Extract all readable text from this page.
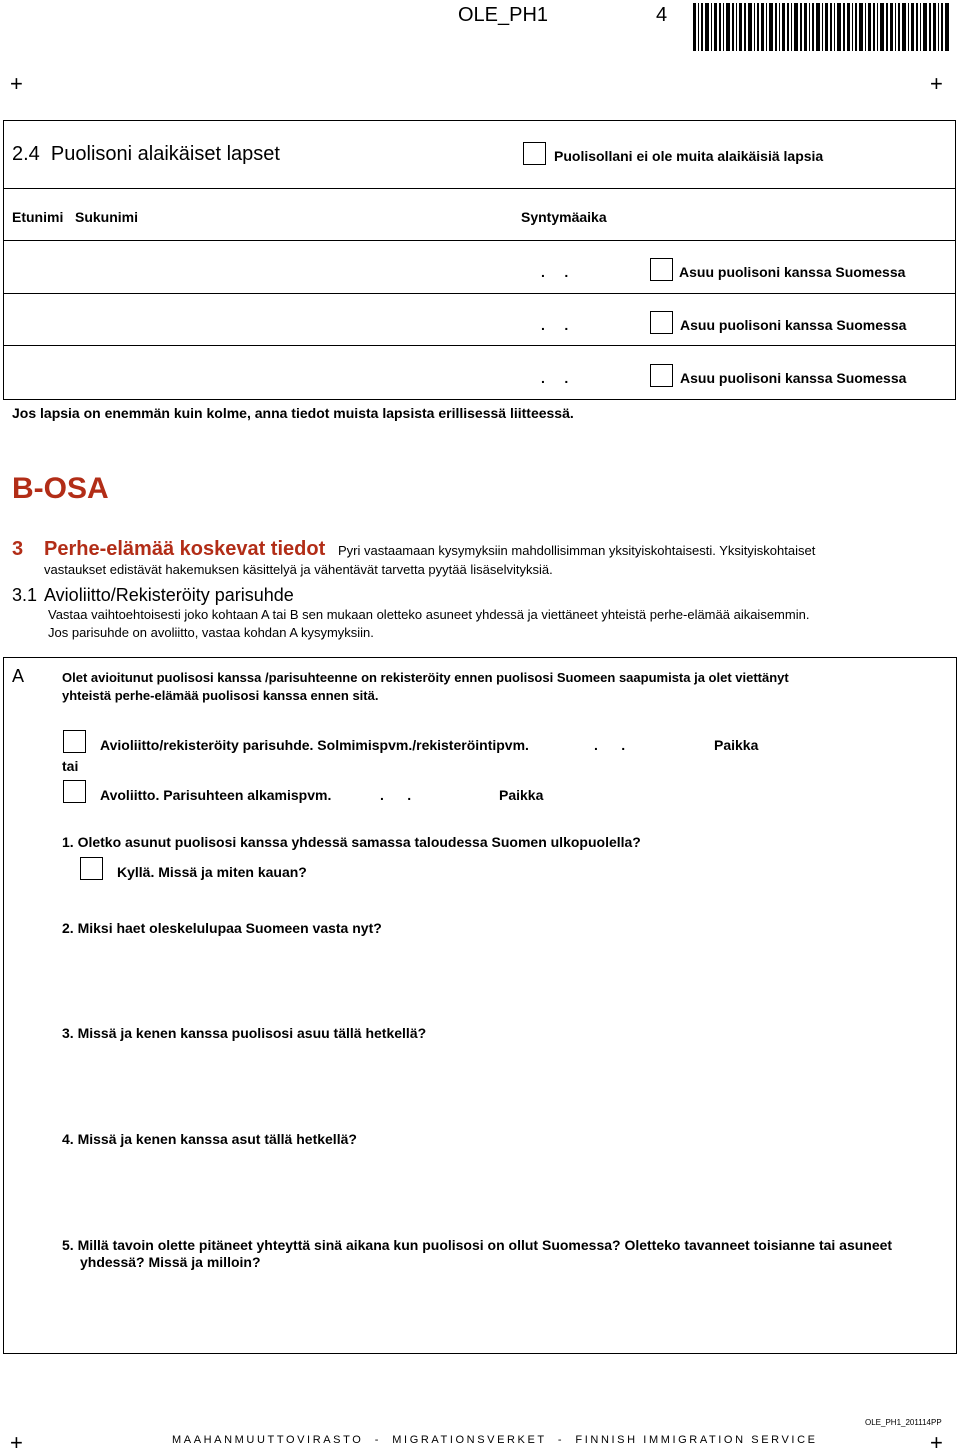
OLE_PH1	4
+	+
+	+
2.4  Puolisoni alaikäiset lapset	Puolisollani ei ole muita alaikäisiä lapsia
Etunimi   Sukunimi	Syntymäaika
.     .	Asuu puolisoni kanssa Suomessa
.     .	Asuu puolisoni kanssa Suomessa
.     .	Asuu puolisoni kanssa Suomessa
Jos lapsia on enemmän kuin kolme, anna tiedot muista lapsista erillisessä liitteessä.
B-OSA
3 Perhe-elämää koskevat tiedot Pyri vastaamaan kysymyksiin mahdollisimman yksityiskohtaisesti. Yksityiskohtaiset
vastaukset edistävät hakemuksen käsittelyä ja vähentävät tarvetta pyytää lisäselvityksiä.
3.1 Avioliitto/Rekisteröity parisuhde
Vastaa vaihtoehtoisesti joko kohtaan A tai B sen mukaan oletteko asuneet yhdessä ja viettäneet yhteistä perhe-elämää aikaisemmin.
Jos parisuhde on avoliitto, vastaa kohdan A kysymyksiin.
A	Olet avioitunut puolisosi kanssa /parisuhteenne on rekisteröity ennen puolisosi Suomeen saapumista ja olet viettänyt
yhteistä perhe-elämää puolisosi kanssa ennen sitä.
Avioliitto/rekisteröity parisuhde. Solmimispvm./rekisteröintipvm.	.      .	Paikka
tai
Avoliitto. Parisuhteen alkamispvm.	.      .	Paikka
1. Oletko asunut puolisosi kanssa yhdessä samassa taloudessa Suomen ulkopuolella?
Kyllä. Missä ja miten kauan?
2. Miksi haet oleskelulupaa Suomeen vasta nyt?
3. Missä ja kenen kanssa puolisosi asuu tällä hetkellä?
4. Missä ja kenen kanssa asut tällä hetkellä?
5. Millä tavoin olette pitäneet yhteyttä sinä aikana kun puolisosi on ollut Suomessa? Oletteko tavanneet toisianne tai asuneet
yhdessä? Missä ja milloin?
OLE_PH1_201114PP
MAAHANMUUTTOVIRASTO  -  MIGRATIONSVERKET  -  FINNISH IMMIGRATION SERVICE
